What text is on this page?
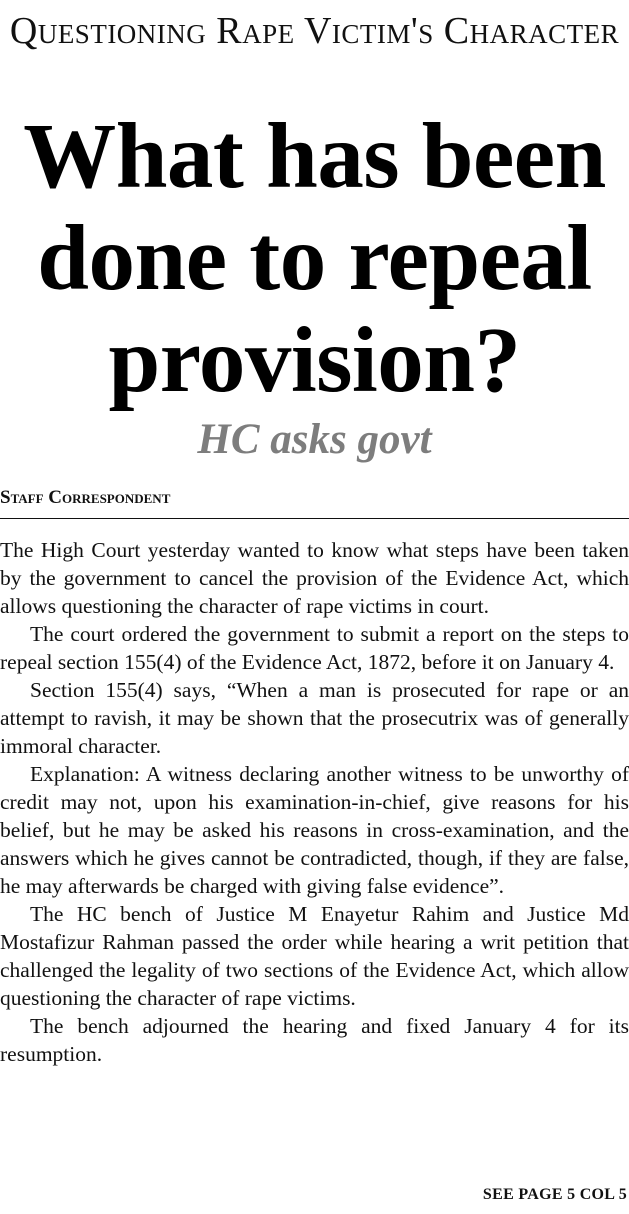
Questioning Rape Victim's Character
What has been done to repeal provision?
HC asks govt
Staff Correspondent

The High Court yesterday wanted to know what steps have been taken by the government to cancel the provision of the Evidence Act, which allows questioning the character of rape victims in court.

The court ordered the government to submit a report on the steps to repeal section 155(4) of the Evidence Act, 1872, before it on January 4.

Section 155(4) says, “When a man is prosecuted for rape or an attempt to ravish, it may be shown that the prosecutrix was of generally immoral character.

Explanation: A witness declaring another witness to be unworthy of credit may not, upon his examination-in-chief, give reasons for his belief, but he may be asked his reasons in cross-examination, and the answers which he gives cannot be contradicted, though, if they are false, he may afterwards be charged with giving false evidence”.

The HC bench of Justice M Enayetur Rahim and Justice Md Mostafizur Rahman passed the order while hearing a writ petition that challenged the legality of two sections of the Evidence Act, which allow questioning the character of rape victims.

The bench adjourned the hearing and fixed January 4 for its resumption.

SEE PAGE 5 COL 5
